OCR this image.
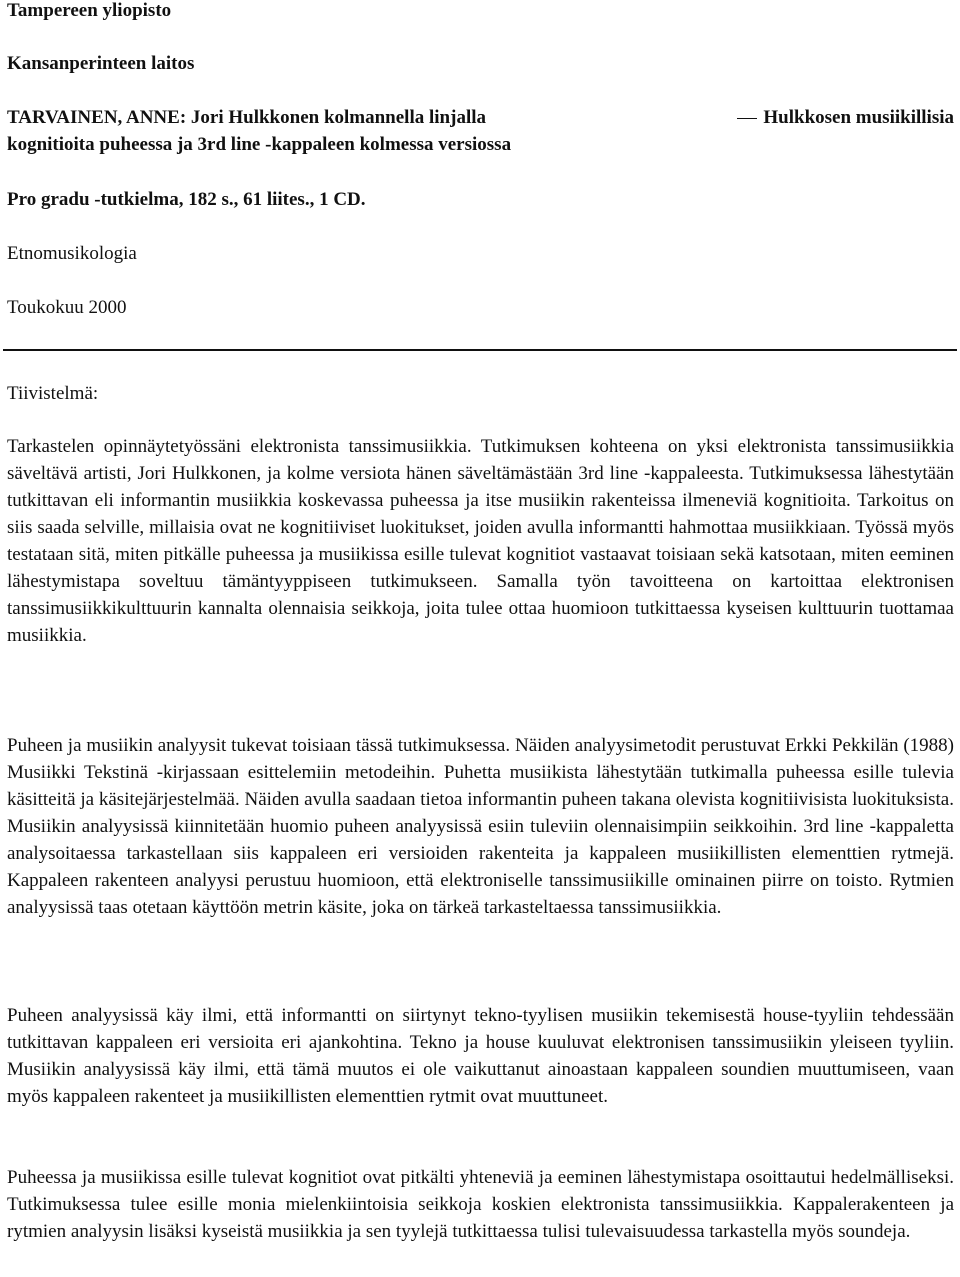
Tampereen yliopisto
Kansanperinteen laitos
TARVAINEN, ANNE: Jori Hulkkonen kolmannella linjalla	Hulkkosen musiikillisia
kognitioita puheessa ja 3rd line -kappaleen kolmessa versiossa
Pro gradu -tutkielma, 182 s., 61 liites., 1 CD.
Etnomusikologia
Toukokuu 2000
Tiivistelmä:

Tarkastelen opinnäytetyössäni elektronista tanssimusiikkia. Tutkimuksen kohteena on yksi elektronista tanssimusiikkia säveltävä artisti, Jori Hulkkonen, ja kolme versiota hänen säveltämästään 3rd line -kappaleesta. Tutkimuksessa lähestytään tutkittavan eli informantin musiikkia koskevassa puheessa ja itse musiikin rakenteissa ilmeneviä kognitioita. Tarkoitus on siis saada selville, millaisia ovat ne kognitiiviset luokitukset, joiden avulla informantti hahmottaa musiikkiaan. Työssä myös testataan sitä, miten pitkälle puheessa ja musiikissa esille tulevat kognitiot vastaavat toisiaan sekä katsotaan, miten eeminen lähestymistapa soveltuu tämäntyyppiseen tutkimukseen. Samalla työn tavoitteena on kartoittaa elektronisen tanssimusiikkikulttuurin kannalta olennaisia seikkoja, joita tulee ottaa huomioon tutkittaessa kyseisen kulttuurin tuottamaa musiikkia.

Puheen ja musiikin analyysit tukevat toisiaan tässä tutkimuksessa. Näiden analyysimetodit perustuvat Erkki Pekkilän (1988) Musiikki Tekstinä -kirjassaan esittelemiin metodeihin. Puhetta musiikista lähestytään tutkimalla puheessa esille tulevia käsitteitä ja käsitejärjestelmää. Näiden avulla saadaan tietoa informantin puheen takana olevista kognitiivisista luokituksista. Musiikin analyysissä kiinnitetään huomio puheen analyysissä esiin tuleviin olennaisimpiin seikkoihin. 3rd line -kappaletta analysoitaessa tarkastellaan siis kappaleen eri versioiden rakenteita ja kappaleen musiikillisten elementtien rytmejä. Kappaleen rakenteen analyysi perustuu huomioon, että elektroniselle tanssimusiikille ominainen piirre on toisto. Rytmien analyysissä taas otetaan käyttöön metrin käsite, joka on tärkeä tarkasteltaessa tanssimusiikkia.

Puheen analyysissä käy ilmi, että informantti on siirtynyt tekno-tyylisen musiikin tekemisestä house-tyyliin tehdessään tutkittavan kappaleen eri versioita eri ajankohtina. Tekno ja house kuuluvat elektronisen tanssimusiikin yleiseen tyyliin. Musiikin analyysissä käy ilmi, että tämä muutos ei ole vaikuttanut ainoastaan kappaleen soundien muuttumiseen, vaan myös kappaleen rakenteet ja musiikillisten elementtien rytmit ovat muuttuneet.

Puheessa ja musiikissa esille tulevat kognitiot ovat pitkälti yhteneviä ja eeminen lähestymistapa osoittautui hedelmälliseksi. Tutkimuksessa tulee esille monia mielenkiintoisia seikkoja koskien elektronista tanssimusiikkia. Kappalerakenteen ja rytmien analyysin lisäksi kyseistä musiikkia ja sen tyylejä tutkittaessa tulisi tulevaisuudessa tarkastella myös soundeja.
